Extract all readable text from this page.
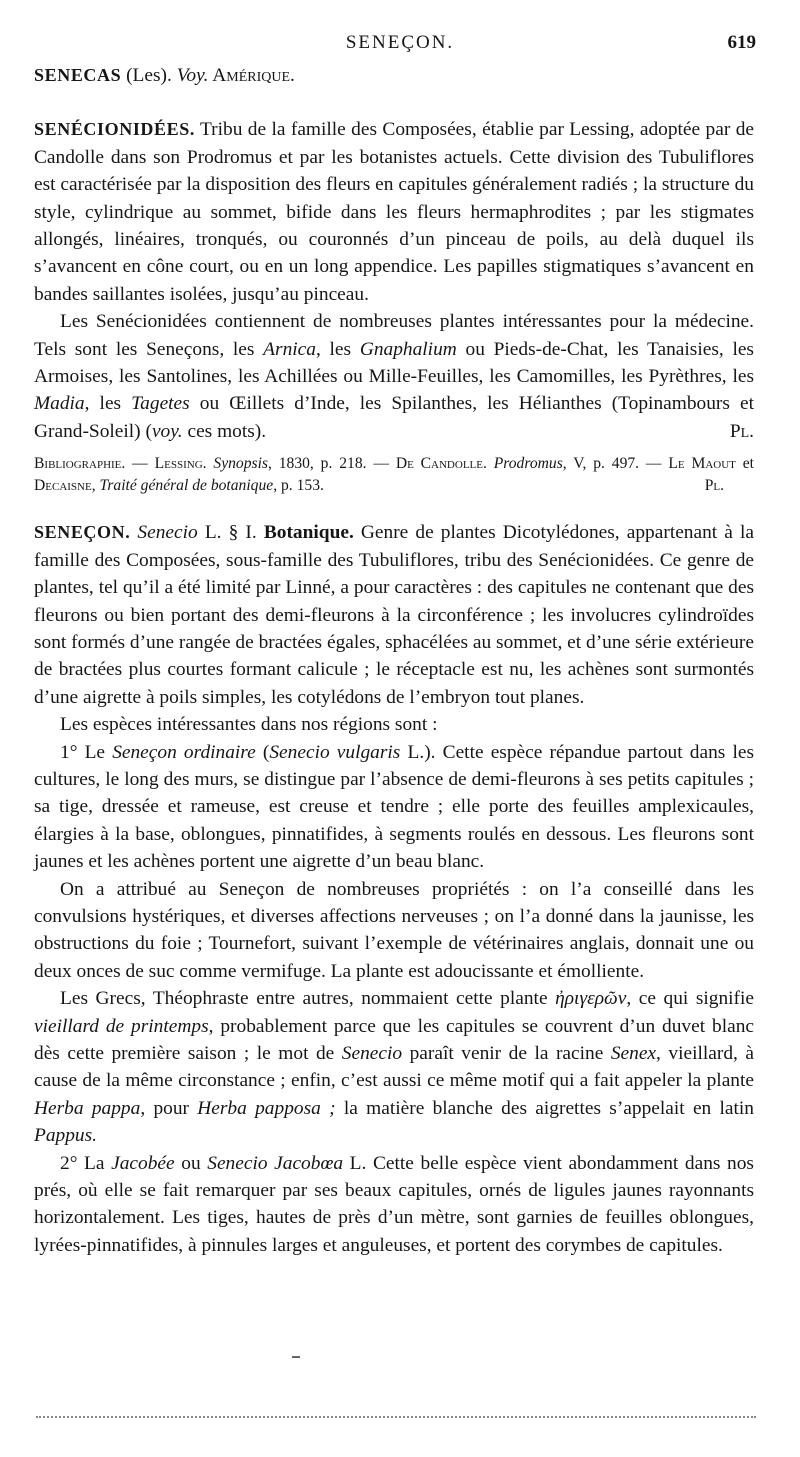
SENEÇON.	619

SENECAS (Les). Voy. Amérique.

SENÉCIONIDÉES. Tribu de la famille des Composées, établie par Lessing, adoptée par de Candolle dans son Prodromus et par les botanistes actuels. Cette division des Tubuliflores est caractérisée par la disposition des fleurs en capitules généralement radiés ; la structure du style, cylindrique au sommet, bifide dans les fleurs hermaphrodites ; par les stigmates allongés, linéaires, tronqués, ou couronnés d’un pinceau de poils, au delà duquel ils s’avancent en cône court, ou en un long appendice. Les papilles stigmatiques s’avancent en bandes saillantes isolées, jusqu’au pinceau.

Les Senécionidées contiennent de nombreuses plantes intéressantes pour la médecine. Tels sont les Seneçons, les Arnica, les Gnaphalium ou Pieds-de-Chat, les Tanaisies, les Armoises, les Santolines, les Achillées ou Mille-Feuilles, les Camomilles, les Pyrèthres, les Madia, les Tagetes ou Œillets d’Inde, les Spilanthes, les Hélianthes (Topinambours et Grand-Soleil) (voy. ces mots).	Pl.

Bibliographie. — Lessing. Synopsis, 1830, p. 218. — De Candolle. Prodromus, V, p. 497. — Le Maout et Decaisne, Traité général de botanique, p. 153.	Pl.

SENEÇON. Senecio L. § I. Botanique. Genre de plantes Dicotylédones, appartenant à la famille des Composées, sous-famille des Tubuliflores, tribu des Senécionidées. Ce genre de plantes, tel qu’il a été limité par Linné, a pour caractères : des capitules ne contenant que des fleurons ou bien portant des demi-fleurons à la circonférence ; les involucres cylindroïdes sont formés d’une rangée de bractées égales, sphacélées au sommet, et d’une série extérieure de bractées plus courtes formant calicule ; le réceptacle est nu, les achènes sont surmontés d’une aigrette à poils simples, les cotylédons de l’embryon tout planes.

Les espèces intéressantes dans nos régions sont :

1° Le Seneçon ordinaire (Senecio vulgaris L.). Cette espèce répandue partout dans les cultures, le long des murs, se distingue par l’absence de demi-fleurons à ses petits capitules ; sa tige, dressée et rameuse, est creuse et tendre ; elle porte des feuilles amplexicaules, élargies à la base, oblongues, pinnatifides, à segments roulés en dessous. Les fleurons sont jaunes et les achènes portent une aigrette d’un beau blanc.

On a attribué au Seneçon de nombreuses propriétés : on l’a conseillé dans les convulsions hystériques, et diverses affections nerveuses ; on l’a donné dans la jaunisse, les obstructions du foie ; Tournefort, suivant l’exemple de vétérinaires anglais, donnait une ou deux onces de suc comme vermifuge. La plante est adoucissante et émolliente.

Les Grecs, Théophraste entre autres, nommaient cette plante ἠριγερῶν, ce qui signifie vieillard de printemps, probablement parce que les capitules se couvrent d’un duvet blanc dès cette première saison ; le mot de Senecio paraît venir de la racine Senex, vieillard, à cause de la même circonstance ; enfin, c’est aussi ce même motif qui a fait appeler la plante Herba pappa, pour Herba papposa ; la matière blanche des aigrettes s’appelait en latin Pappus.

2° La Jacobée ou Senecio Jacobœa L. Cette belle espèce vient abondamment dans nos prés, où elle se fait remarquer par ses beaux capitules, ornés de ligules jaunes rayonnants horizontalement. Les tiges, hautes de près d’un mètre, sont garnies de feuilles oblongues, lyrées-pinnatifides, à pinnules larges et anguleuses, et portent des corymbes de capitules.
